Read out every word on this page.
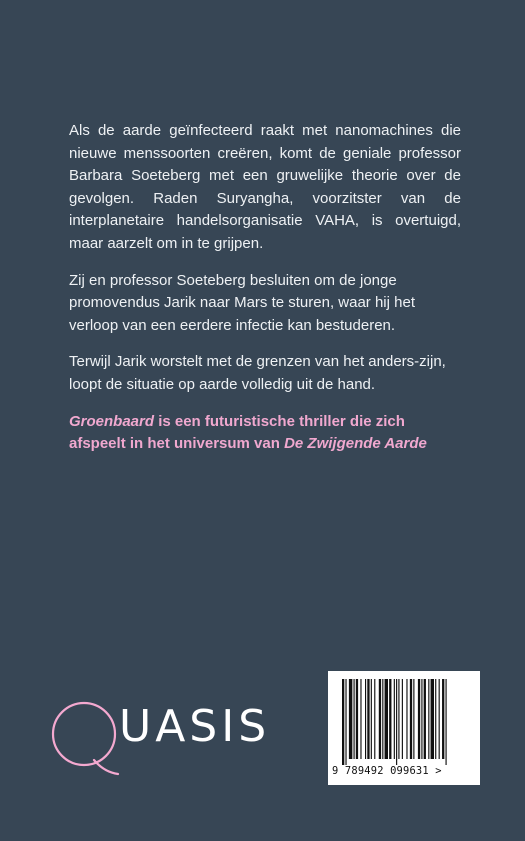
Als de aarde geïnfecteerd raakt met nanomachines die nieuwe menssoorten creëren, komt de geniale professor Barbara Soeteberg met een gruwelijke theorie over de gevolgen. Raden Suryangha, voorzitster van de interplanetaire handelsorganisatie VAHA, is overtuigd, maar aarzelt om in te grijpen.

Zij en professor Soeteberg besluiten om de jonge promovendus Jarik naar Mars te sturen, waar hij het verloop van een eerdere infectie kan bestuderen.

Terwijl Jarik worstelt met de grenzen van het anders-zijn, loopt de situatie op aarde volledig uit de hand.

Groenbaard is een futuristische thriller die zich afspeelt in het universum van De Zwijgende Aarde

UASIS
9 789492 099631 >
